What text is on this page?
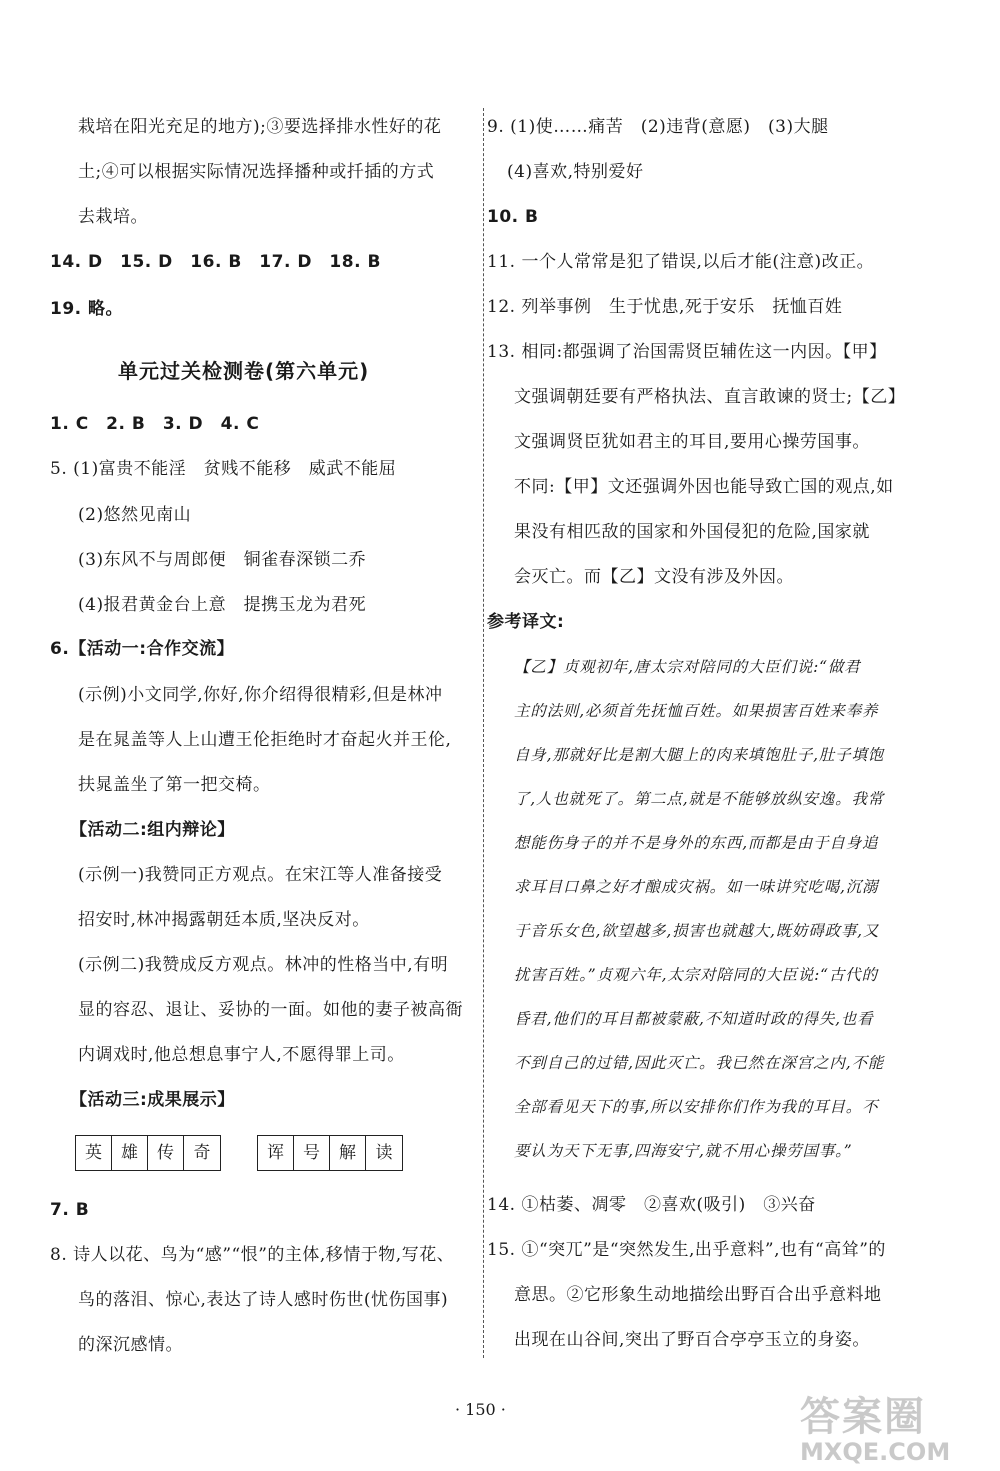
栽培在阳光充足的地方);③要选择排水性好的花
土;④可以根据实际情况选择播种或扦插的方式
去栽培。
14. D　15. D　16. B　17. D　18. B
19. 略。
单元过关检测卷(第六单元)
1. C　2. B　3. D　4. C
5. (1)富贵不能淫　贫贱不能移　威武不能屈
(2)悠然见南山
(3)东风不与周郎便　铜雀春深锁二乔
(4)报君黄金台上意　提携玉龙为君死
6.【活动一:合作交流】
(示例)小文同学,你好,你介绍得很精彩,但是林冲
是在晁盖等人上山遭王伦拒绝时才奋起火并王伦,
扶晁盖坐了第一把交椅。
【活动二:组内辩论】
(示例一)我赞同正方观点。在宋江等人准备接受
招安时,林冲揭露朝廷本质,坚决反对。
(示例二)我赞成反方观点。林冲的性格当中,有明
显的容忍、退让、妥协的一面。如他的妻子被高衙
内调戏时,他总想息事宁人,不愿得罪上司。
【活动三:成果展示】
英	雄	传	奇	诨	号	解	读
7. B
8. 诗人以花、鸟为“感”“恨”的主体,移情于物,写花、
鸟的落泪、惊心,表达了诗人感时伤世(忧伤国事)
的深沉感情。
9. (1)使……痛苦　(2)违背(意愿)　(3)大腿
(4)喜欢,特别爱好
10. B
11. 一个人常常是犯了错误,以后才能(注意)改正。
12. 列举事例　生于忧患,死于安乐　抚恤百姓
13. 相同:都强调了治国需贤臣辅佐这一内因。【甲】
文强调朝廷要有严格执法、直言敢谏的贤士;【乙】
文强调贤臣犹如君主的耳目,要用心操劳国事。
不同:【甲】文还强调外因也能导致亡国的观点,如
果没有相匹敌的国家和外国侵犯的危险,国家就
会灭亡。而【乙】文没有涉及外因。
参考译文:
【乙】贞观初年,唐太宗对陪同的大臣们说:“做君
主的法则,必须首先抚恤百姓。如果损害百姓来奉养
自身,那就好比是割大腿上的肉来填饱肚子,肚子填饱
了,人也就死了。第二点,就是不能够放纵安逸。我常
想能伤身子的并不是身外的东西,而都是由于自身追
求耳目口鼻之好才酿成灾祸。如一味讲究吃喝,沉溺
于音乐女色,欲望越多,损害也就越大,既妨碍政事,又
扰害百姓。”贞观六年,太宗对陪同的大臣说:“古代的
昏君,他们的耳目都被蒙蔽,不知道时政的得失,也看
不到自己的过错,因此灭亡。我已然在深宫之内,不能
全部看见天下的事,所以安排你们作为我的耳目。不
要认为天下无事,四海安宁,就不用心操劳国事。”
14. ①枯萎、凋零　②喜欢(吸引)　③兴奋
15. ①“突兀”是“突然发生,出乎意料”,也有“高耸”的
意思。②它形象生动地描绘出野百合出乎意料地
出现在山谷间,突出了野百合亭亭玉立的身姿。
· 150 ·	答案圈
MXQE.COM
